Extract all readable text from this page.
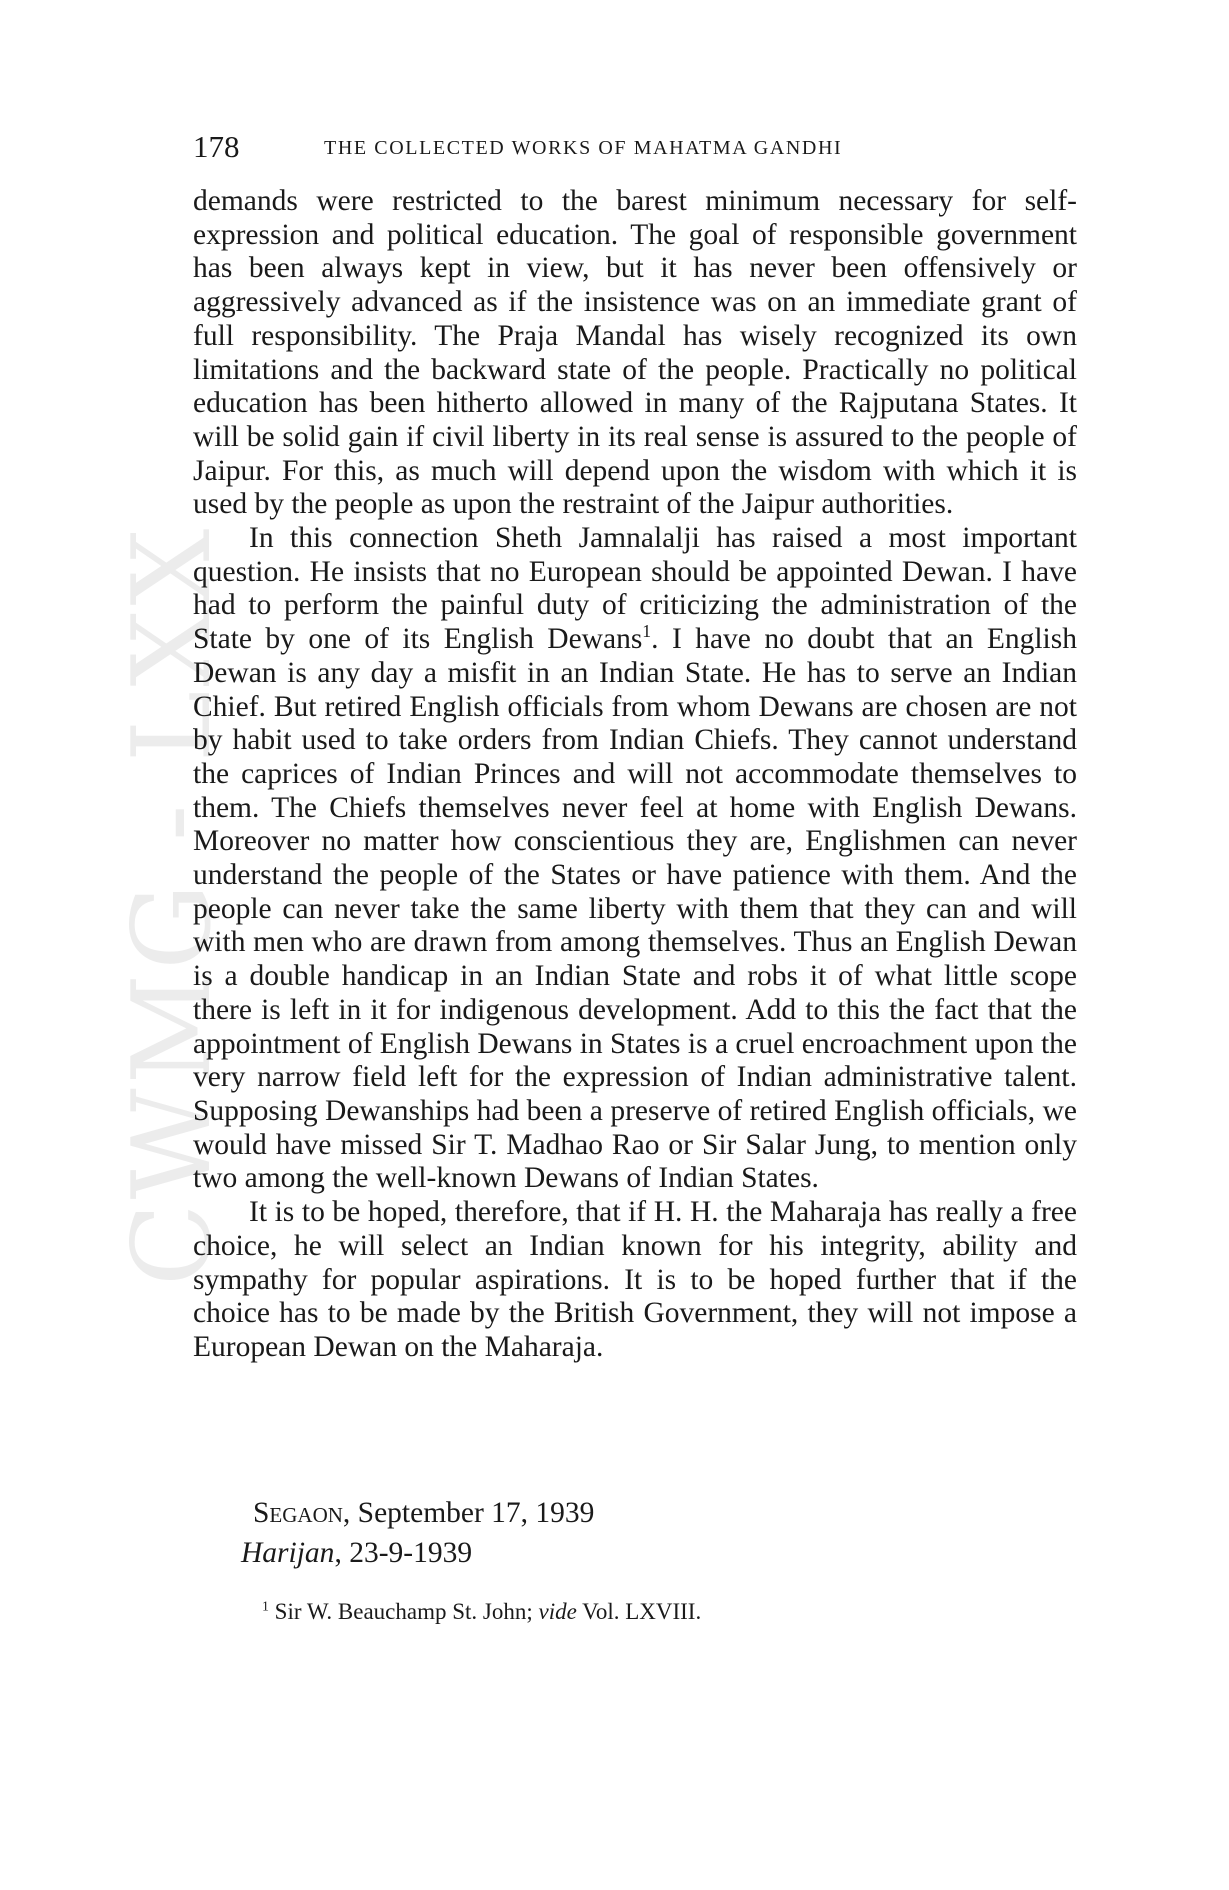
CWMG - LXX
178	THE COLLECTED WORKS OF MAHATMA GANDHI

demands were restricted to the barest minimum necessary for self-expression and political education. The goal of responsible government has been always kept in view, but it has never been offensively or aggressively advanced as if the insistence was on an immediate grant of full responsibility. The Praja Mandal has wisely recognized its own limitations and the backward state of the people. Practically no political education has been hitherto allowed in many of the Rajputana States. It will be solid gain if civil liberty in its real sense is assured to the people of Jaipur. For this, as much will depend upon the wisdom with which it is used by the people as upon the restraint of the Jaipur authorities.

In this connection Sheth Jamnalalji has raised a most important question. He insists that no European should be appointed Dewan. I have had to perform the painful duty of criticizing the administration of the State by one of its English Dewans$^1$. I have no doubt that an English Dewan is any day a misfit in an Indian State. He has to serve an Indian Chief. But retired English officials from whom Dewans are chosen are not by habit used to take orders from Indian Chiefs. They cannot understand the caprices of Indian Princes and will not accommodate themselves to them. The Chiefs themselves never feel at home with English Dewans. Moreover no matter how conscientious they are, Englishmen can never understand the people of the States or have patience with them. And the people can never take the same liberty with them that they can and will with men who are drawn from among themselves. Thus an English Dewan is a double handicap in an Indian State and robs it of what little scope there is left in it for indigenous development. Add to this the fact that the appointment of English Dewans in States is a cruel encroachment upon the very narrow field left for the expression of Indian administrative talent. Supposing Dewanships had been a preserve of retired English officials, we would have missed Sir T. Madhao Rao or Sir Salar Jung, to mention only two among the well-known Dewans of Indian States.

It is to be hoped, therefore, that if H. H. the Maharaja has really a free choice, he will select an Indian known for his integrity, ability and sympathy for popular aspirations. It is to be hoped further that if the choice has to be made by the British Government, they will not impose a European Dewan on the Maharaja.

Segaon, September 17, 1939
Harijan, 23-9-1939
$^1$ Sir W. Beauchamp St. John; vide Vol. LXVIII.
